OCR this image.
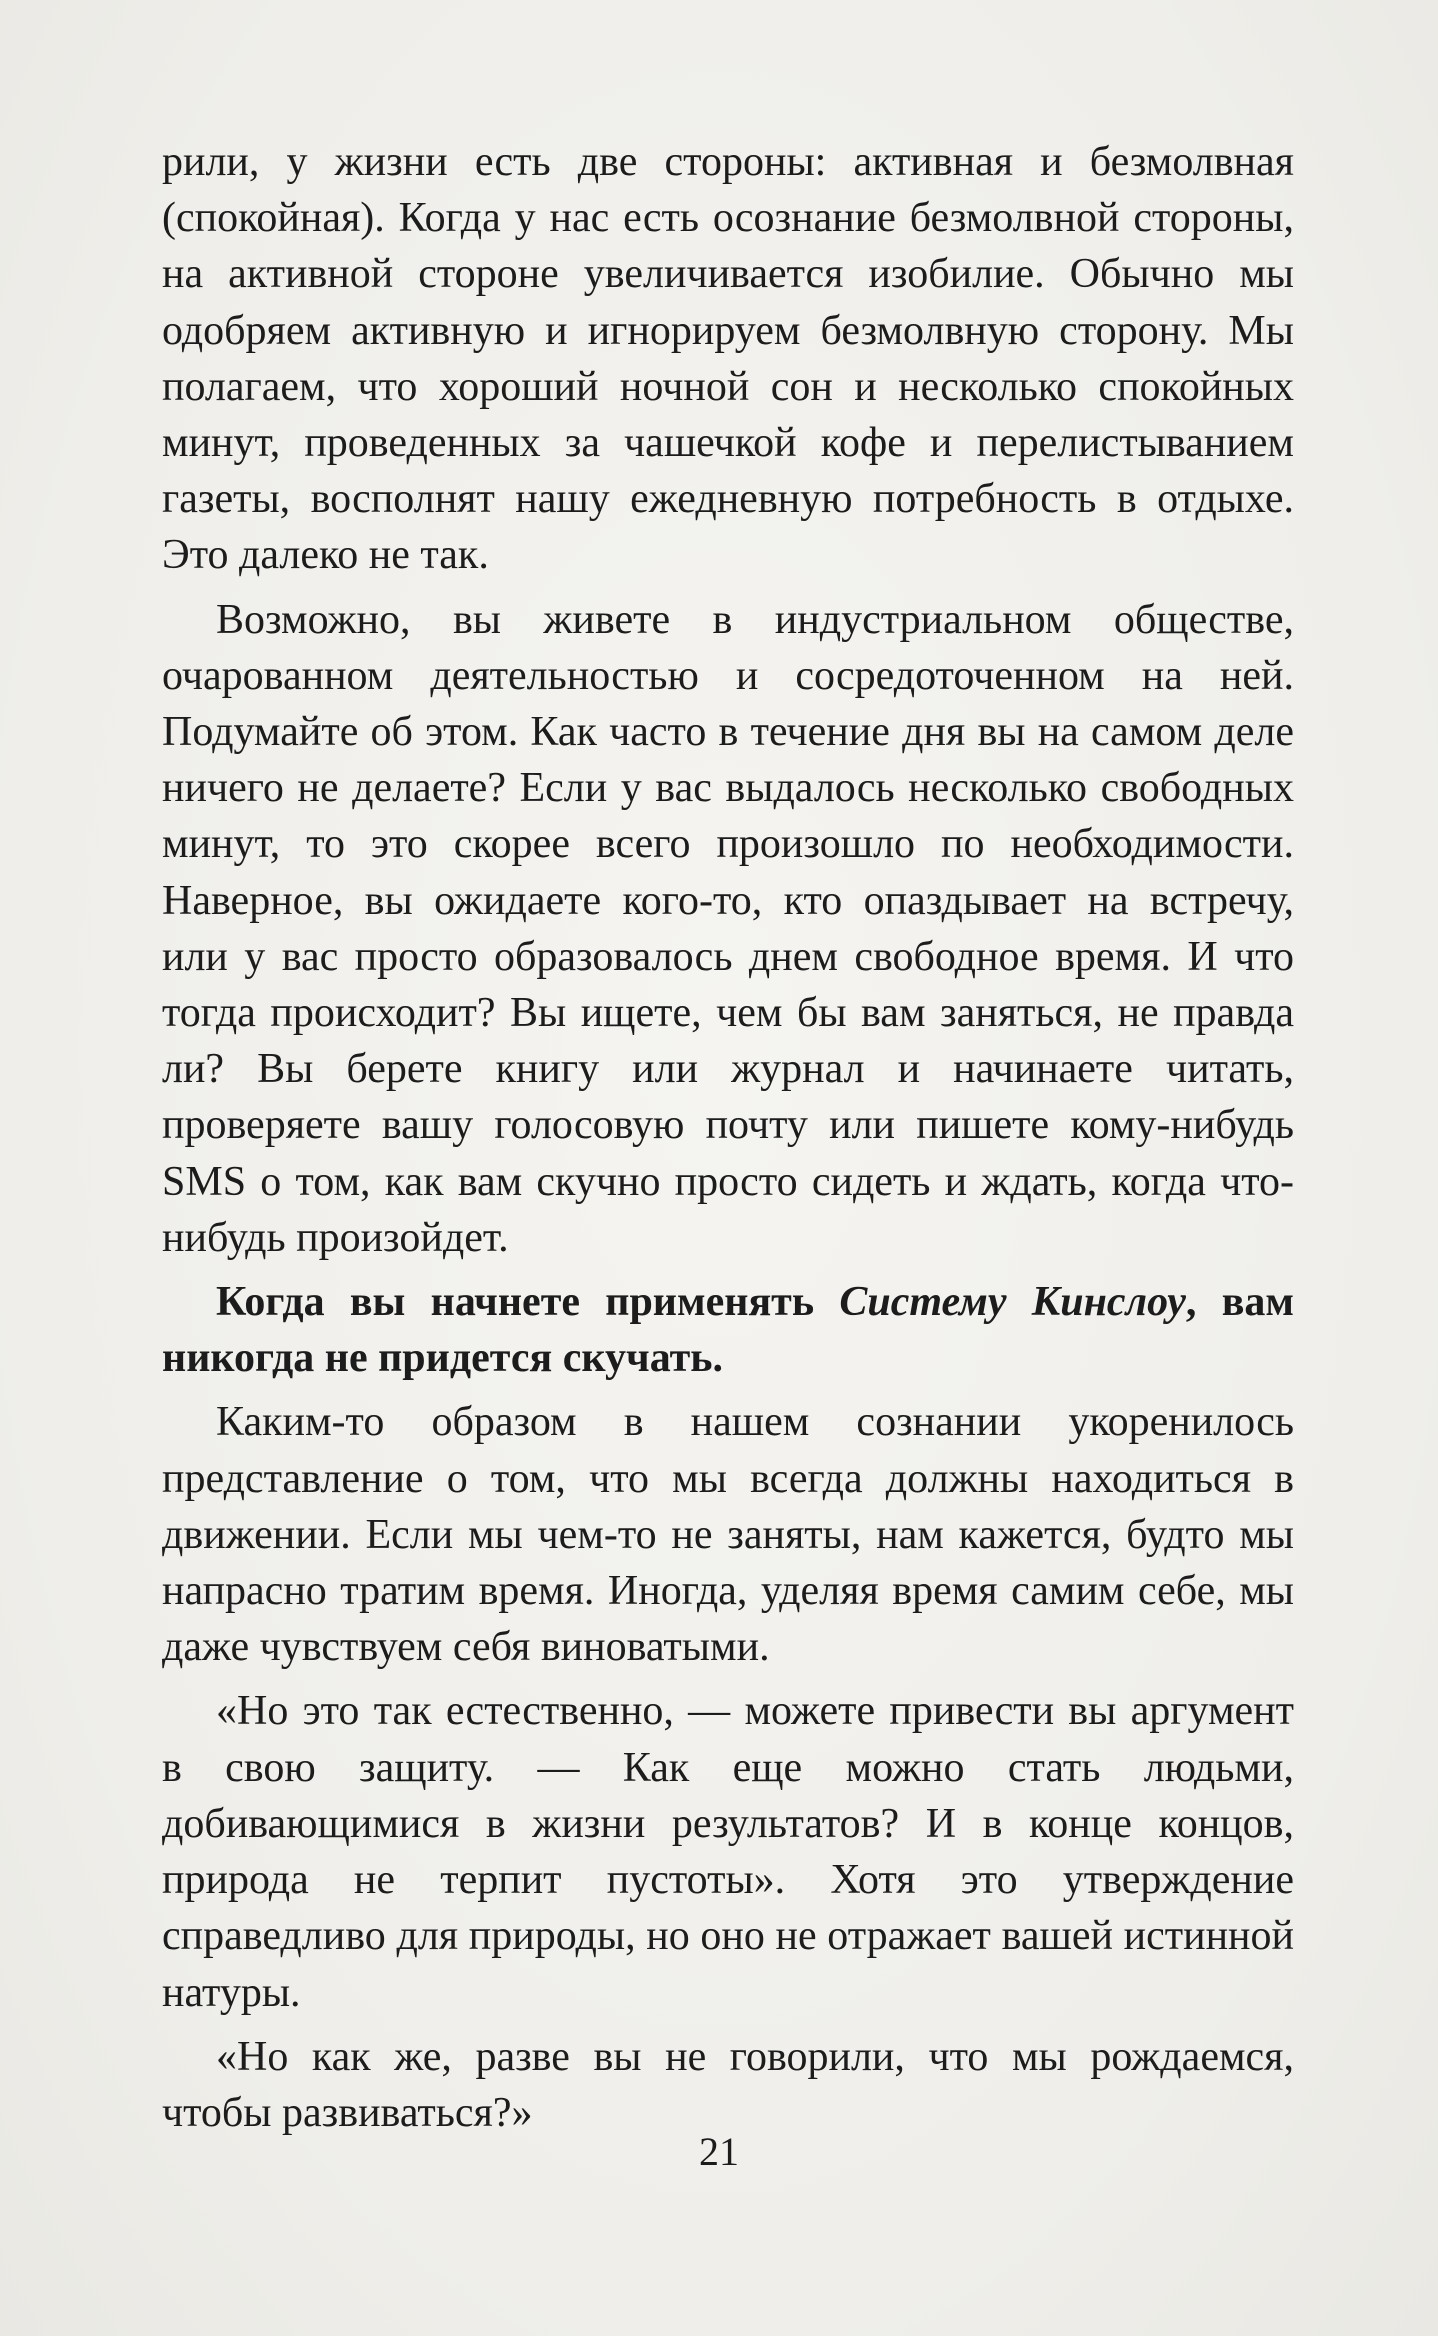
рили, у жизни есть две стороны: активная и безмолвная (спокойная). Когда у нас есть осознание безмолвной стороны, на активной стороне увеличивается изобилие. Обычно мы одобряем активную и игнорируем безмолвную сторону. Мы полагаем, что хороший ночной сон и несколько спокойных минут, проведенных за чашечкой кофе и перелистыванием газеты, восполнят нашу ежедневную потребность в отдыхе. Это далеко не так.

Возможно, вы живете в индустриальном обществе, очарованном деятельностью и сосредоточенном на ней. Подумайте об этом. Как часто в течение дня вы на самом деле ничего не делаете? Если у вас выдалось несколько свободных минут, то это скорее всего произошло по необходимости. Наверное, вы ожидаете кого-то, кто опаздывает на встречу, или у вас просто образовалось днем свободное время. И что тогда происходит? Вы ищете, чем бы вам заняться, не правда ли? Вы берете книгу или журнал и начинаете читать, проверяете вашу голосовую почту или пишете кому-нибудь SMS о том, как вам скучно просто сидеть и ждать, когда что-нибудь произойдет.

Когда вы начнете применять Систему Кинслоу, вам никогда не придется скучать.

Каким-то образом в нашем сознании укоренилось представление о том, что мы всегда должны находиться в движении. Если мы чем-то не заняты, нам кажется, будто мы напрасно тратим время. Иногда, уделяя время самим себе, мы даже чувствуем себя виноватыми.

«Но это так естественно, — можете привести вы аргумент в свою защиту. — Как еще можно стать людьми, добивающимися в жизни результатов? И в конце концов, природа не терпит пустоты». Хотя это утверждение справедливо для природы, но оно не отражает вашей истинной натуры.

«Но как же, разве вы не говорили, что мы рождаемся, чтобы развиваться?»

21
